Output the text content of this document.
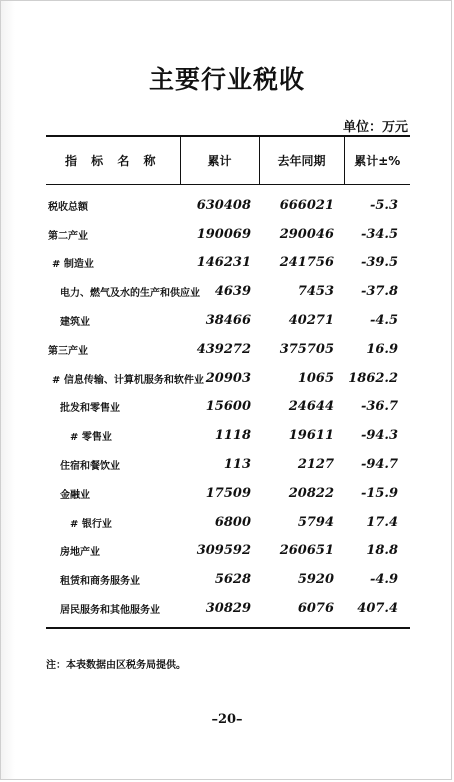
主要行业税收
单位：万元
指 标 名 称	累计	去年同期	累计±%
税收总额	630408	666021	-5.3
第二产业	190069	290046	-34.5
# 制造业	146231	241756	-39.5
电力、燃气及水的生产和供应业	4639	7453	-37.8
建筑业	38466	40271	-4.5
第三产业	439272	375705	16.9
# 信息传输、计算机服务和软件业	20903	1065	1862.2
批发和零售业	15600	24644	-36.7
# 零售业	1118	19611	-94.3
住宿和餐饮业	113	2127	-94.7
金融业	17509	20822	-15.9
# 银行业	6800	5794	17.4
房地产业	309592	260651	18.8
租赁和商务服务业	5628	5920	-4.9
居民服务和其他服务业	30829	6076	407.4
注：本表数据由区税务局提供。
–20–
